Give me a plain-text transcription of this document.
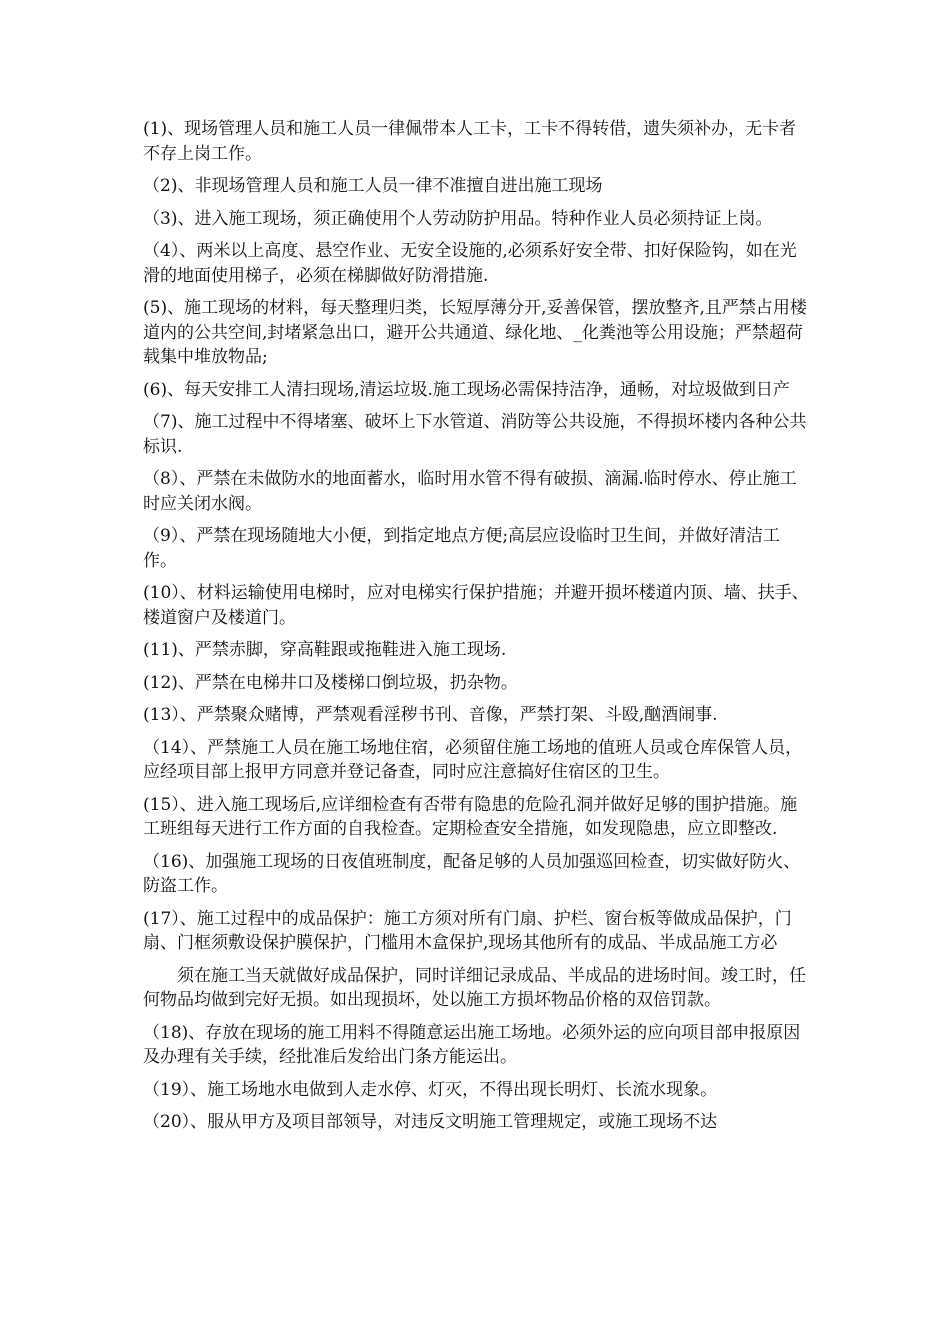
(1)、现场管理人员和施工人员一律佩带本人工卡，工卡不得转借，遗失须补办，无卡者不存上岗工作。

（2)、非现场管理人员和施工人员一律不准擅自进出施工现场

（3)、进入施工现场，须正确使用个人劳动防护用品。特种作业人员必须持证上岗。

（4）、两米以上高度、悬空作业、无安全设施的,必须系好安全带、扣好保险钩，如在光滑的地面使用梯子，必须在梯脚做好防滑措施.

(5)、施工现场的材料，每天整理归类，长短厚薄分开,妥善保管，摆放整齐,且严禁占用楼道内的公共空间,封堵紧急出口，避开公共通道、绿化地、_化粪池等公用设施；严禁超荷载集中堆放物品;

(6)、每天安排工人清扫现场,清运垃圾.施工现场必需保持洁净，通畅，对垃圾做到日产

（7)、施工过程中不得堵塞、破坏上下水管道、消防等公共设施，不得损坏楼内各种公共标识.

（8）、严禁在未做防水的地面蓄水，临时用水管不得有破损、滴漏.临时停水、停止施工时应关闭水阀。

（9）、严禁在现场随地大小便，到指定地点方便;高层应设临时卫生间，并做好清洁工作。

(10）、材料运输使用电梯时，应对电梯实行保护措施；并避开损坏楼道内顶、墙、扶手、楼道窗户及楼道门。

(11)、严禁赤脚，穿高鞋跟或拖鞋进入施工现场.

(12)、严禁在电梯井口及楼梯口倒垃圾，扔杂物。

(13）、严禁聚众赌博，严禁观看淫秽书刊、音像，严禁打架、斗殴,酗酒闹事.

（14）、严禁施工人员在施工场地住宿，必须留住施工场地的值班人员或仓库保管人员，应经项目部上报甲方同意并登记备查，同时应注意搞好住宿区的卫生。

(15）、进入施工现场后,应详细检查有否带有隐患的危险孔洞并做好足够的围护措施。施工班组每天进行工作方面的自我检查。定期检查安全措施，如发现隐患，应立即整改.

（16)、加强施工现场的日夜值班制度，配备足够的人员加强巡回检查，切实做好防火、防盗工作。

(17）、施工过程中的成品保护：施工方须对所有门扇、护栏、窗台板等做成品保护，门扇、门框须敷设保护膜保护，门槛用木盒保护,现场其他所有的成品、半成品施工方必

须在施工当天就做好成品保护，同时详细记录成品、半成品的进场时间。竣工时，任何物品均做到完好无损。如出现损坏，处以施工方损坏物品价格的双倍罚款。

（18)、存放在现场的施工用料不得随意运出施工场地。必须外运的应向项目部申报原因及办理有关手续，经批准后发给出门条方能运出。

（19）、施工场地水电做到人走水停、灯灭，不得出现长明灯、长流水现象。

（20）、服从甲方及项目部领导，对违反文明施工管理规定，或施工现场不达
